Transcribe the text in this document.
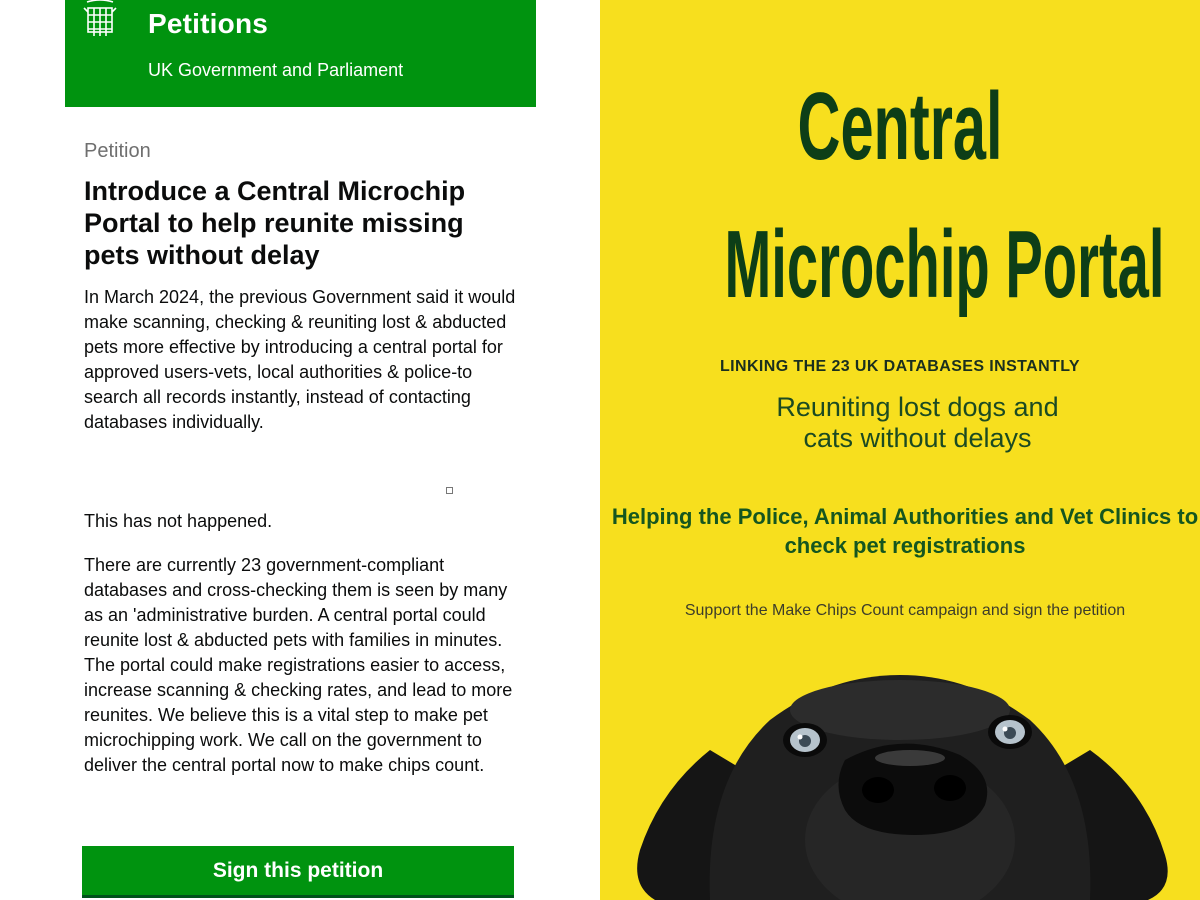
Petitions
UK Government and Parliament
Petition
Introduce a Central Microchip Portal to help reunite missing pets without delay

In March 2024, the previous Government said it would make scanning, checking & reuniting lost & abducted pets more effective by introducing a central portal for approved users-vets, local authorities & police-to search all records instantly, instead of contacting databases individually.

This has not happened.

There are currently 23 government-compliant databases and cross-checking them is seen by many as an 'administrative burden. A central portal could reunite lost & abducted pets with families in minutes. The portal could make registrations easier to access, increase scanning & checking rates, and lead to more reunites. We believe this is a vital step to make pet microchipping work. We call on the government to deliver the central portal now to make chips count.

Sign this petition
Central
Microchip Portal
LINKING THE 23 UK DATABASES INSTANTLY
Reuniting lost dogs and cats without delays
Helping the Police, Animal Authorities and Vet Clinics to check pet registrations
Support the Make Chips Count campaign and sign the petition
